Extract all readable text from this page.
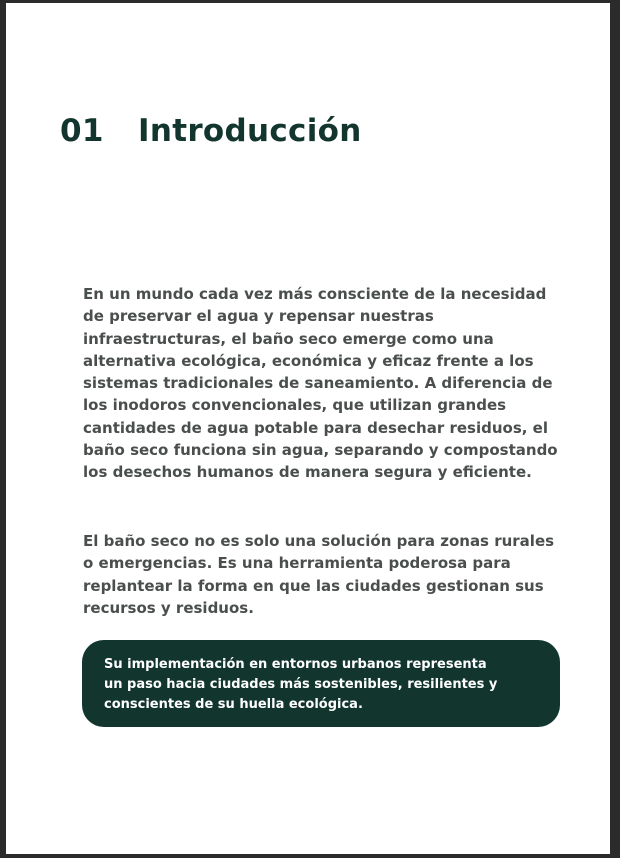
01	Introducción

En un mundo cada vez más consciente de la necesidad de preservar el agua y repensar nuestras infraestructuras, el baño seco emerge como una alternativa ecológica, económica y eficaz frente a los sistemas tradicionales de saneamiento. A diferencia de los inodoros convencionales, que utilizan grandes cantidades de agua potable para desechar residuos, el baño seco funciona sin agua, separando y compostando los desechos humanos de manera segura y eficiente.

El baño seco no es solo una solución para zonas rurales o emergencias. Es una herramienta poderosa para replantear la forma en que las ciudades gestionan sus recursos y residuos.

Su implementación en entornos urbanos representa un paso hacia ciudades más sostenibles, resilientes y conscientes de su huella ecológica.
